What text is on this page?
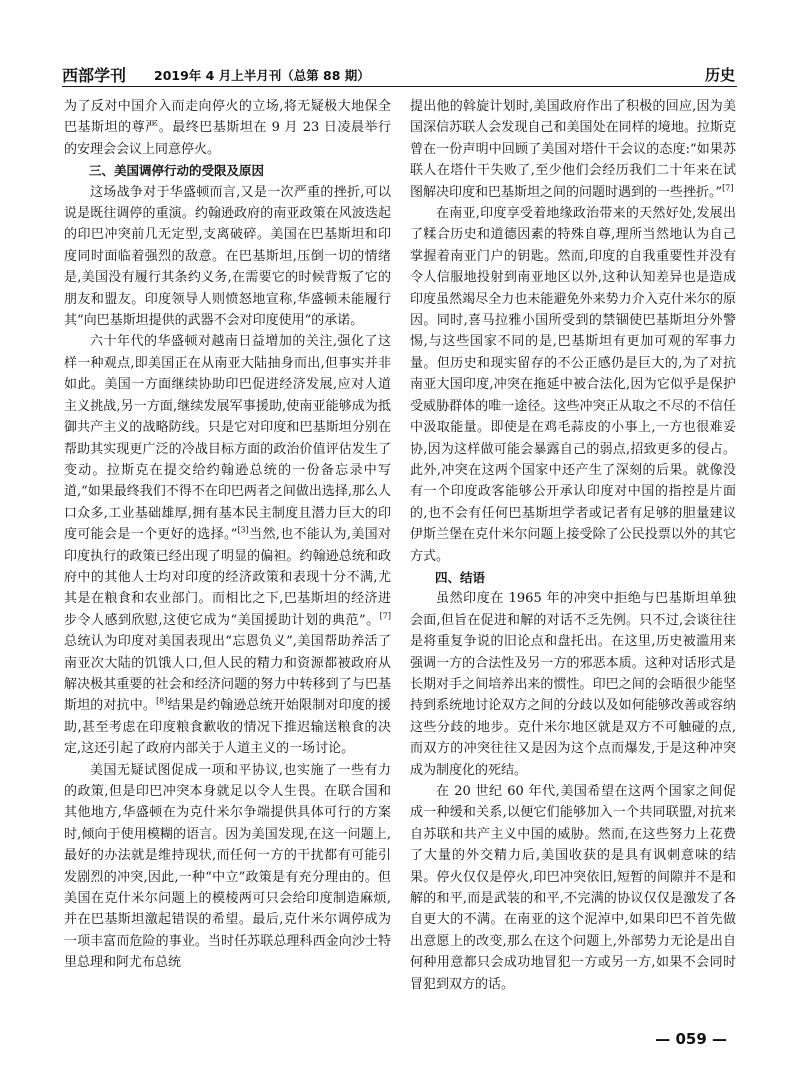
西部学刊 2019年 4 月上半月刊（总第 88 期）	历史

为了反对中国介入而走向停火的立场,将无疑极大地保全巴基斯坦的尊严。最终巴基斯坦在 9 月 23 日凌晨举行的安理会会议上同意停火。

三、美国调停行动的受限及原因

这场战争对于华盛顿而言,又是一次严重的挫折,可以说是既往调停的重演。约翰逊政府的南亚政策在风波迭起的印巴冲突前几无定型,支离破碎。美国在巴基斯坦和印度同时面临着强烈的敌意。在巴基斯坦,压倒一切的情绪是,美国没有履行其条约义务,在需要它的时候背叛了它的朋友和盟友。印度领导人则愤怒地宣称,华盛顿未能履行其“向巴基斯坦提供的武器不会对印度使用”的承诺。

六十年代的华盛顿对越南日益增加的关注,强化了这样一种观点,即美国正在从南亚大陆抽身而出,但事实并非如此。美国一方面继续协助印巴促进经济发展,应对人道主义挑战,另一方面,继续发展军事援助,使南亚能够成为抵御共产主义的战略防线。只是它对印度和巴基斯坦分别在帮助其实现更广泛的冷战目标方面的政治价值评估发生了变动。拉斯克在提交给约翰逊总统的一份备忘录中写道,“如果最终我们不得不在印巴两者之间做出选择,那么人口众多,工业基础雄厚,拥有基本民主制度且潜力巨大的印度可能会是一个更好的选择。”[3]当然,也不能认为,美国对印度执行的政策已经出现了明显的偏袒。约翰逊总统和政府中的其他人士均对印度的经济政策和表现十分不满,尤其是在粮食和农业部门。而相比之下,巴基斯坦的经济进步令人感到欣慰,这使它成为“美国援助计划的典范”。[7]总统认为印度对美国表现出“忘恩负义”,美国帮助养活了南亚次大陆的饥饿人口,但人民的精力和资源都被政府从解决极其重要的社会和经济问题的努力中转移到了与巴基斯坦的对抗中。[8]结果是约翰逊总统开始限制对印度的援助,甚至考虑在印度粮食歉收的情况下推迟输送粮食的决定,这还引起了政府内部关于人道主义的一场讨论。

美国无疑试图促成一项和平协议,也实施了一些有力的政策,但是印巴冲突本身就足以令人生畏。在联合国和其他地方,华盛顿在为克什米尔争端提供具体可行的方案时,倾向于使用模糊的语言。因为美国发现,在这一问题上,最好的办法就是维持现状,而任何一方的干扰都有可能引发剧烈的冲突,因此,一种“中立”政策是有充分理由的。但美国在克什米尔问题上的模棱两可只会给印度制造麻烦,并在巴基斯坦激起错误的希望。最后,克什米尔调停成为一项丰富而危险的事业。当时任苏联总理科西金向沙士特里总理和阿尤布总统

提出他的斡旋计划时,美国政府作出了积极的回应,因为美国深信苏联人会发现自己和美国处在同样的境地。拉斯克曾在一份声明中回顾了美国对塔什干会议的态度:“如果苏联人在塔什干失败了,至少他们会经历我们二十年来在试图解决印度和巴基斯坦之间的问题时遇到的一些挫折。”[7]

在南亚,印度享受着地缘政治带来的天然好处,发展出了糅合历史和道德因素的特殊自尊,理所当然地认为自己掌握着南亚门户的钥匙。然而,印度的自我重要性并没有令人信服地投射到南亚地区以外,这种认知差异也是造成印度虽然竭尽全力也未能避免外来势力介入克什米尔的原因。同时,喜马拉雅小国所受到的禁锢使巴基斯坦分外警惕,与这些国家不同的是,巴基斯坦有更加可观的军事力量。但历史和现实留存的不公正感仍是巨大的,为了对抗南亚大国印度,冲突在拖延中被合法化,因为它似乎是保护受威胁群体的唯一途径。这些冲突正从取之不尽的不信任中汲取能量。即使是在鸡毛蒜皮的小事上,一方也很难妥协,因为这样做可能会暴露自己的弱点,招致更多的侵占。此外,冲突在这两个国家中还产生了深刻的后果。就像没有一个印度政客能够公开承认印度对中国的指控是片面的,也不会有任何巴基斯坦学者或记者有足够的胆量建议伊斯兰堡在克什米尔问题上接受除了公民投票以外的其它方式。

四、结语

虽然印度在 1965 年的冲突中拒绝与巴基斯坦单独会面,但旨在促进和解的对话不乏先例。只不过,会谈往往是将重复争说的旧论点和盘托出。在这里,历史被滥用来强调一方的合法性及另一方的邪恶本质。这种对话形式是长期对手之间培养出来的惯性。印巴之间的会晤很少能坚持到系统地讨论双方之间的分歧以及如何能够改善或容纳这些分歧的地步。克什米尔地区就是双方不可触碰的点,而双方的冲突往往又是因为这个点而爆发,于是这种冲突成为制度化的死结。

在 20 世纪 60 年代,美国希望在这两个国家之间促成一种缓和关系,以便它们能够加入一个共同联盟,对抗来自苏联和共产主义中国的威胁。然而,在这些努力上花费了大量的外交精力后,美国收获的是具有讽刺意味的结果。停火仅仅是停火,印巴冲突依旧,短暂的间隙并不是和解的和平,而是武装的和平,不完满的协议仅仅是激发了各自更大的不满。在南亚的这个泥淖中,如果印巴不首先做出意愿上的改变,那么在这个问题上,外部势力无论是出自何种用意都只会成功地冒犯一方或另一方,如果不会同时冒犯到双方的话。

— 059 —
